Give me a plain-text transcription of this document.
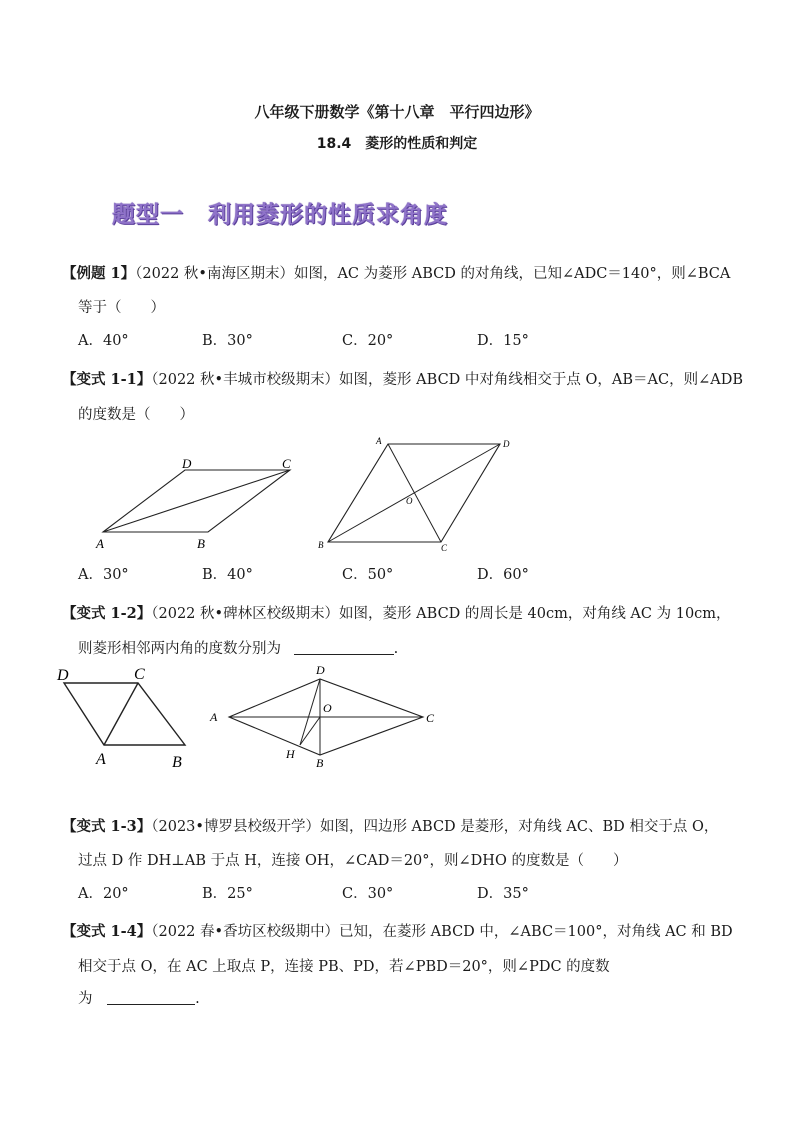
八年级下册数学《第十八章　平行四边形》
18.4　菱形的性质和判定
题型一　利用菱形的性质求角度
【例题 1】（2022 秋•南海区期末）如图，AC 为菱形 ABCD 的对角线，已知∠ADC＝140°，则∠BCA
等于（　　）
A．40°	B．30°	C．20°	D．15°
【变式 1-1】（2022 秋•丰城市校级期末）如图，菱形 ABCD 中对角线相交于点 O，AB＝AC，则∠ADB
的度数是（　　）
D	C
A	B
A	D
O
B	C
A．30°	B．40°	C．50°	D．60°
【变式 1-2】（2022 秋•碑林区校级期末）如图，菱形 ABCD 的周长是 40cm，对角线 AC 为 10cm，
则菱形相邻两内角的度数分别为	.
D	C
A	B
D
A
O
C
H
B
【变式 1-3】（2023•博罗县校级开学）如图，四边形 ABCD 是菱形，对角线 AC、BD 相交于点 O，
过点 D 作 DH⊥AB 于点 H，连接 OH，∠CAD＝20°，则∠DHO 的度数是（　　）
A．20°	B．25°	C．30°	D．35°
【变式 1-4】（2022 春•香坊区校级期中）已知，在菱形 ABCD 中，∠ABC＝100°，对角线 AC 和 BD
相交于点 O，在 AC 上取点 P，连接 PB、PD，若∠PBD＝20°，则∠PDC 的度数
为	.
